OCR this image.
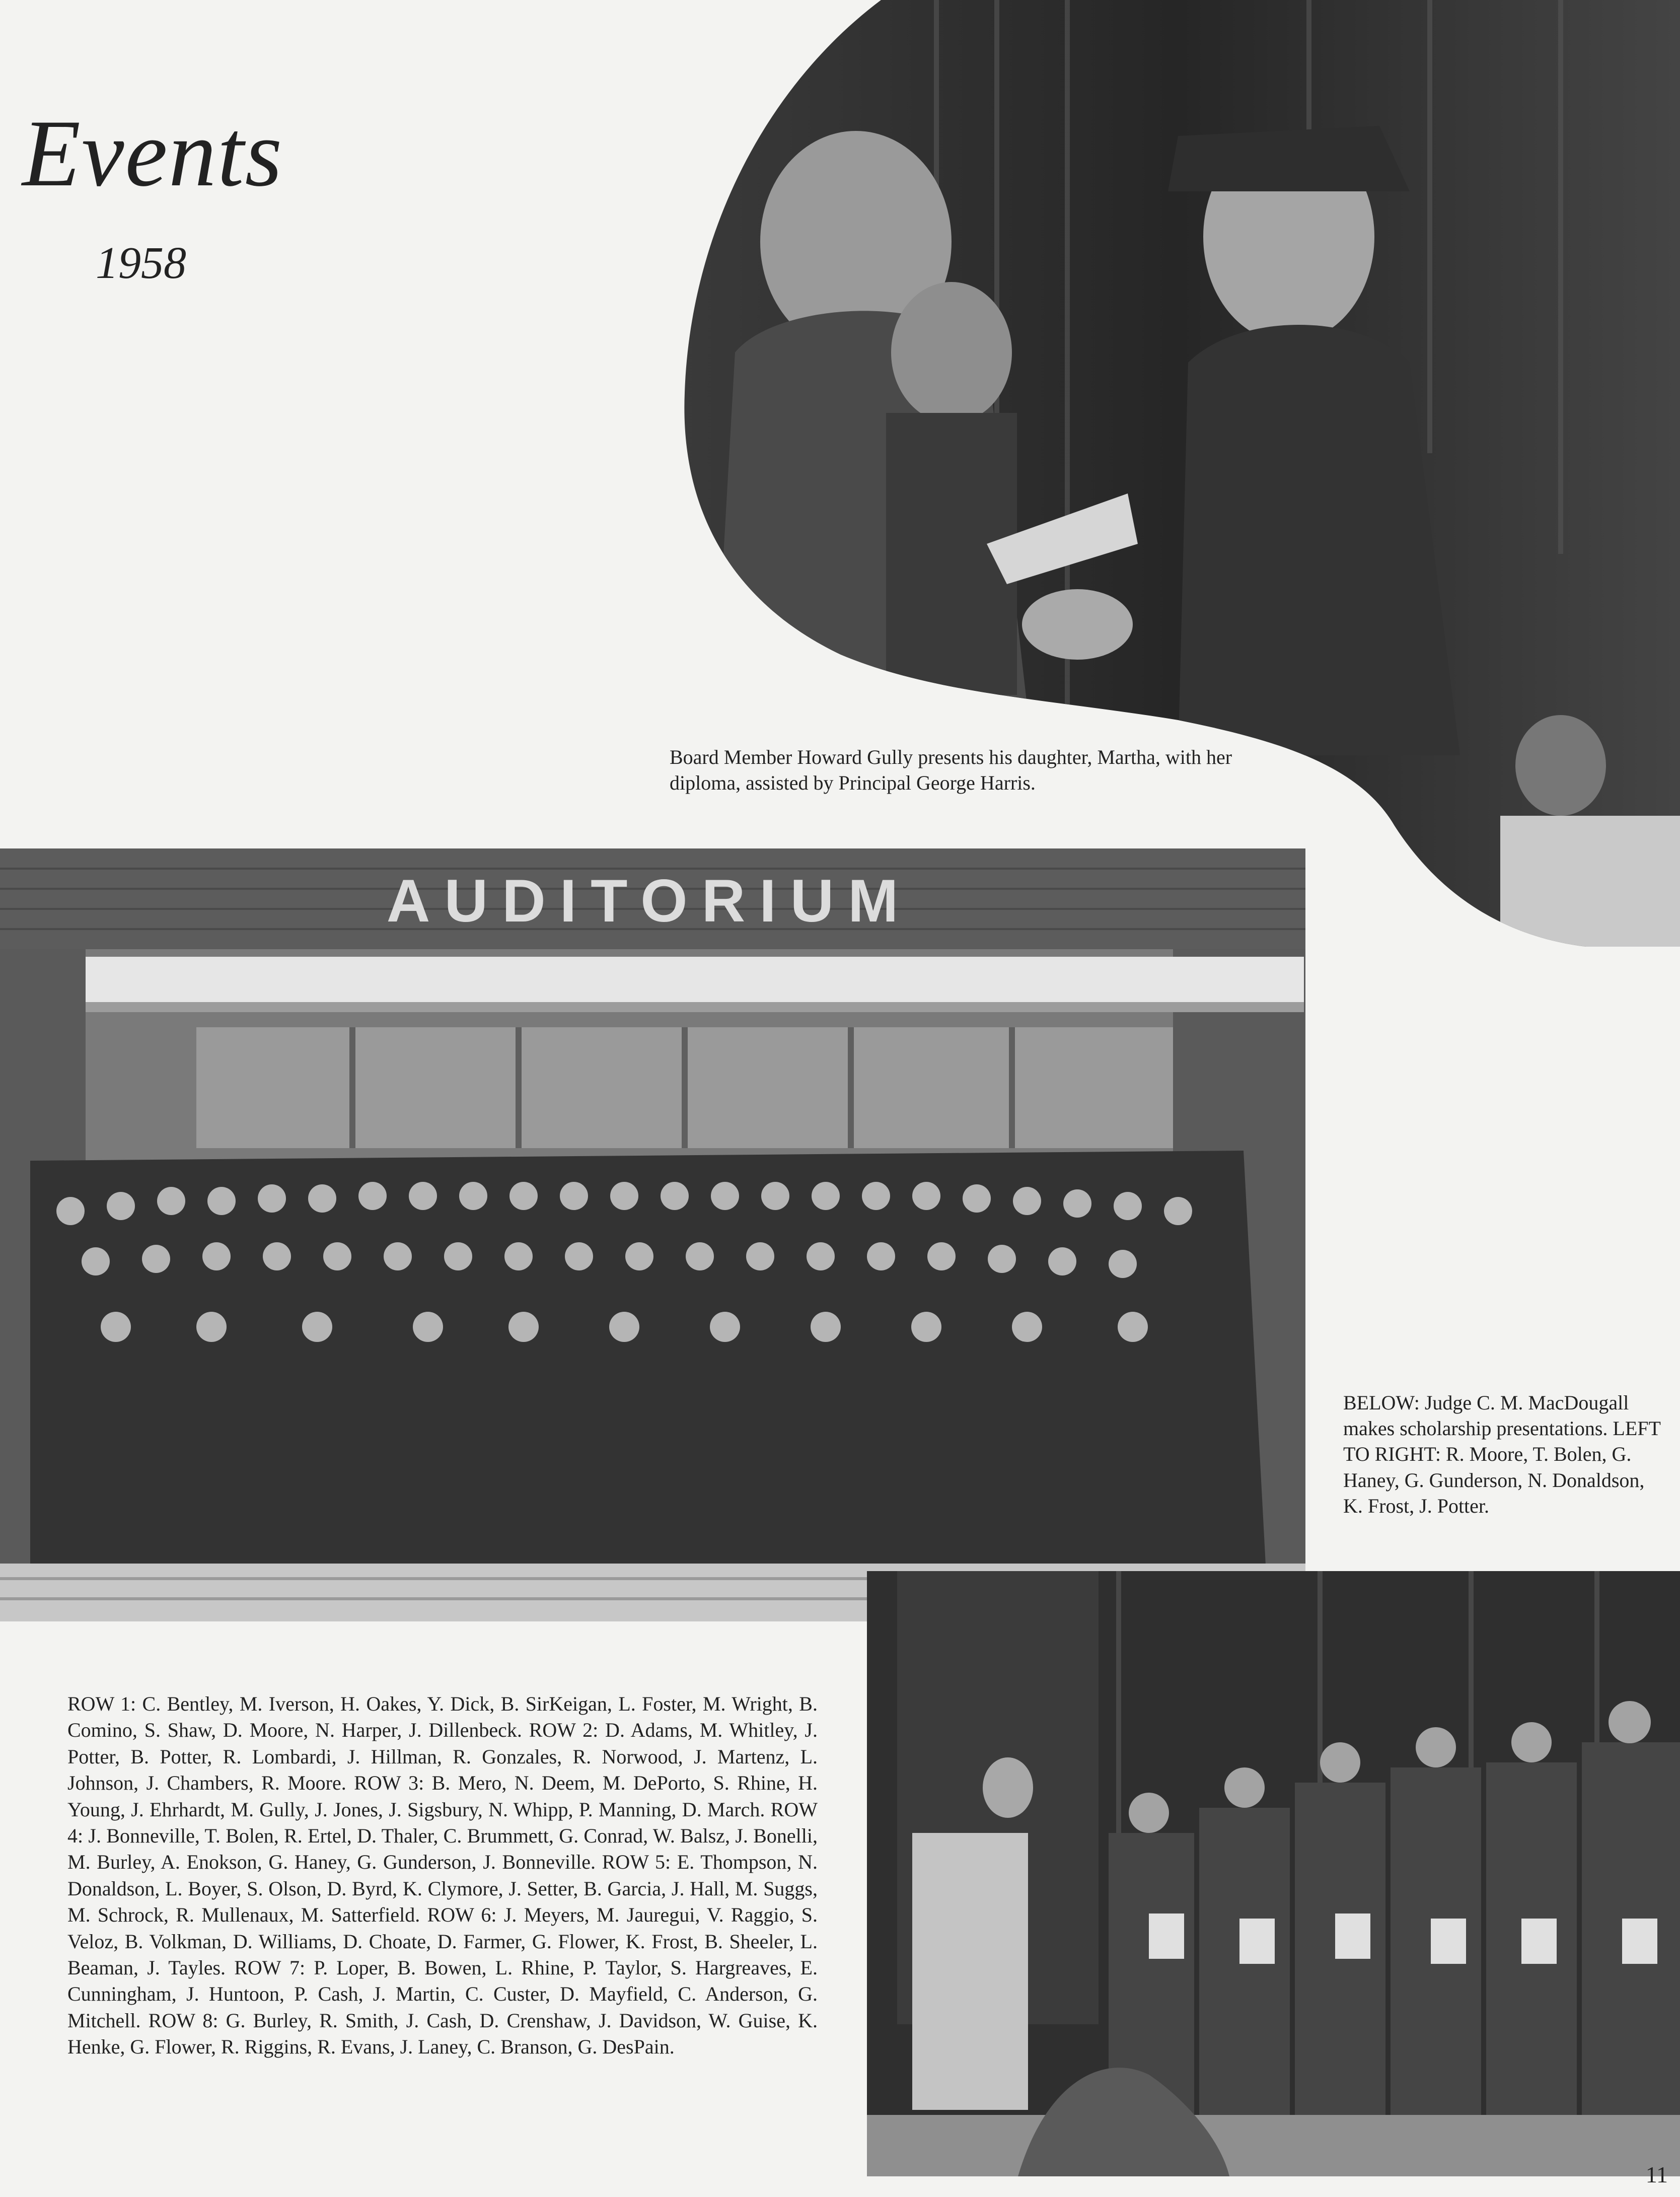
Events
1958
Board Member Howard Gully presents his daughter, Martha, with her diploma, assisted by Principal George Harris.
AUDITORIUM
BELOW: Judge C. M. MacDougall makes scholarship presentations. LEFT TO RIGHT: R. Moore, T. Bolen, G. Haney, G. Gunderson, N. Donaldson, K. Frost, J. Potter.
ROW 1: C. Bentley, M. Iverson, H. Oakes, Y. Dick, B. SirKeigan, L. Foster, M. Wright, B. Comino, S. Shaw, D. Moore, N. Harper, J. Dillenbeck. ROW 2: D. Adams, M. Whitley, J. Potter, B. Potter, R. Lombardi, J. Hillman, R. Gonzales, R. Norwood, J. Martenz, L. Johnson, J. Chambers, R. Moore. ROW 3: B. Mero, N. Deem, M. DePorto, S. Rhine, H. Young, J. Ehrhardt, M. Gully, J. Jones, J. Sigsbury, N. Whipp, P. Manning, D. March. ROW 4: J. Bonneville, T. Bolen, R. Ertel, D. Thaler, C. Brummett, G. Conrad, W. Balsz, J. Bonelli, M. Burley, A. Enokson, G. Haney, G. Gunderson, J. Bonneville. ROW 5: E. Thompson, N. Donaldson, L. Boyer, S. Olson, D. Byrd, K. Clymore, J. Setter, B. Garcia, J. Hall, M. Suggs, M. Schrock, R. Mullenaux, M. Satterfield. ROW 6: J. Meyers, M. Jauregui, V. Raggio, S. Veloz, B. Volkman, D. Williams, D. Choate, D. Farmer, G. Flower, K. Frost, B. Sheeler, L. Beaman, J. Tayles. ROW 7: P. Loper, B. Bowen, L. Rhine, P. Taylor, S. Hargreaves, E. Cunningham, J. Huntoon, P. Cash, J. Martin, C. Custer, D. Mayfield, C. Anderson, G. Mitchell. ROW 8: G. Burley, R. Smith, J. Cash, D. Crenshaw, J. Davidson, W. Guise, K. Henke, G. Flower, R. Riggins, R. Evans, J. Laney, C. Branson, G. DesPain.
11
